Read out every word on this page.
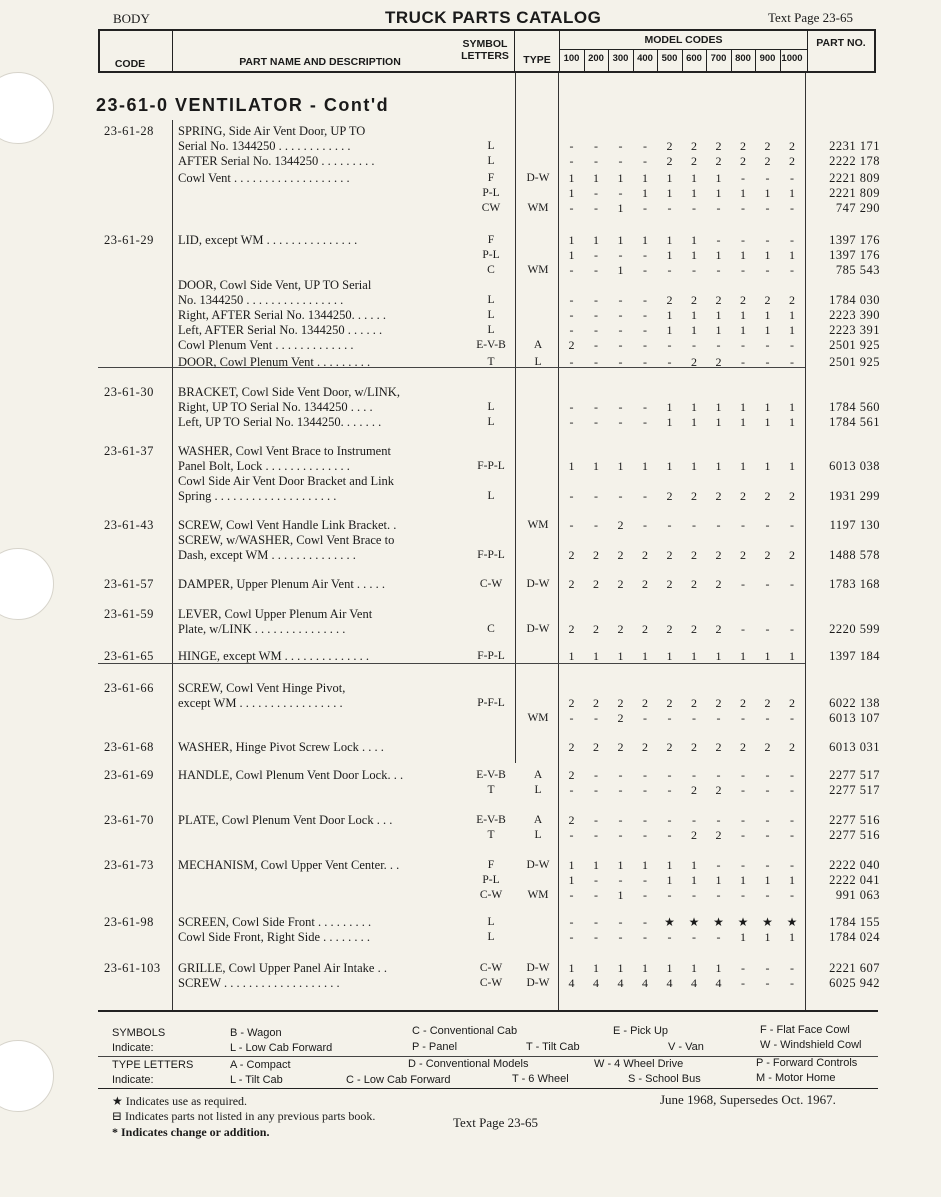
BODY	TRUCK PARTS CATALOG	Text Page 23-65
CODE	PART NAME AND DESCRIPTION
SYMBOL LETTERS	TYPE
MODEL CODES
100 200 300 400 500 600 700 800 900 1000
PART NO.
23-61-0 VENTILATOR - Cont'd
23-61-28 SPRING, Side Air Vent Door, UP TO
Serial No. 1344250 . . . . . . . . . . . .	L	-	-	-	-	2	2	2	2	2	2	2231 171
AFTER Serial No. 1344250 . . . . . . . . .	L	-	-	-	-	2	2	2	2	2	2	2222 178
Cowl Vent . . . . . . . . . . . . . . . . . . .	F	D-W	1	1	1	1	1	1	1	-	-	-	2221 809
P-L	1	-	-	1	1	1	1	1	1	1	2221 809
CW	WM	-	-	1	-	-	-	-	-	-	-	747 290
23-61-29 LID, except WM . . . . . . . . . . . . . . .	F	1	1	1	1	1	1	-	-	-	-	1397 176
P-L	1	-	-	-	1	1	1	1	1	1	1397 176
C	WM	-	-	1	-	-	-	-	-	-	-	785 543
DOOR, Cowl Side Vent, UP TO Serial
No. 1344250 . . . . . . . . . . . . . . . .	L	-	-	-	-	2	2	2	2	2	2	1784 030
Right, AFTER Serial No. 1344250. . . . . .	L	-	-	-	-	1	1	1	1	1	1	2223 390
Left, AFTER Serial No. 1344250 . . . . . .	L	-	-	-	-	1	1	1	1	1	1	2223 391
Cowl Plenum Vent . . . . . . . . . . . . .	E-V-B	A	2	-	-	-	-	-	-	-	-	-	2501 925
DOOR, Cowl Plenum Vent . . . . . . . . .	T	L	-	-	-	-	-	2	2	-	-	-	2501 925
23-61-30 BRACKET, Cowl Side Vent Door, w/LINK,
Right, UP TO Serial No. 1344250 . . . .	L	-	-	-	-	1	1	1	1	1	1	1784 560
Left, UP TO Serial No. 1344250. . . . . . .	L	-	-	-	-	1	1	1	1	1	1	1784 561
23-61-37 WASHER, Cowl Vent Brace to Instrument
Panel Bolt, Lock . . . . . . . . . . . . . .	F-P-L	1	1	1	1	1	1	1	1	1	1	6013 038
Cowl Side Air Vent Door Bracket and Link
Spring . . . . . . . . . . . . . . . . . . . .	L	-	-	-	-	2	2	2	2	2	2	1931 299
23-61-43 SCREW, Cowl Vent Handle Link Bracket. .	WM	-	-	2	-	-	-	-	-	-	-	1197 130
SCREW, w/WASHER, Cowl Vent Brace to
Dash, except WM . . . . . . . . . . . . . .	F-P-L	2	2	2	2	2	2	2	2	2	2	1488 578
23-61-57 DAMPER, Upper Plenum Air Vent . . . . .	C-W	D-W	2	2	2	2	2	2	2	-	-	-	1783 168
23-61-59 LEVER, Cowl Upper Plenum Air Vent
Plate, w/LINK . . . . . . . . . . . . . . .	C	D-W	2	2	2	2	2	2	2	-	-	-	2220 599
23-61-65 HINGE, except WM . . . . . . . . . . . . . .	F-P-L	1	1	1	1	1	1	1	1	1	1	1397 184
23-61-66 SCREW, Cowl Vent Hinge Pivot,
except WM . . . . . . . . . . . . . . . . .	P-F-L	2	2	2	2	2	2	2	2	2	2	6022 138
WM	-	-	2	-	-	-	-	-	-	-	6013 107
23-61-68 WASHER, Hinge Pivot Screw Lock . . . .	2	2	2	2	2	2	2	2	2	2	6013 031
23-61-69 HANDLE, Cowl Plenum Vent Door Lock. . .	E-V-B	A	2	-	-	-	-	-	-	-	-	-	2277 517
T	L	-	-	-	-	-	2	2	-	-	-	2277 517
23-61-70 PLATE, Cowl Plenum Vent Door Lock . . .	E-V-B	A	2	-	-	-	-	-	-	-	-	-	2277 516
T	L	-	-	-	-	-	2	2	-	-	-	2277 516
23-61-73 MECHANISM, Cowl Upper Vent Center. . .	F	D-W	1	1	1	1	1	1	-	-	-	-	2222 040
P-L	1	-	-	-	1	1	1	1	1	1	2222 041
C-W	WM	-	-	1	-	-	-	-	-	-	-	991 063
23-61-98 SCREEN, Cowl Side Front . . . . . . . . .	L	-	-	-	-	★	★	★	★	★	★	1784 155
Cowl Side Front, Right Side . . . . . . . .	L	-	-	-	-	-	-	-	1	1	1	1784 024
23-61-103 GRILLE, Cowl Upper Panel Air Intake . .	C-W	D-W	1	1	1	1	1	1	1	-	-	-	2221 607
SCREW . . . . . . . . . . . . . . . . . . .	C-W	D-W	4	4	4	4	4	4	4	-	-	-	6025 942
SYMBOLS
Indicate:
B - Wagon	C - Conventional Cab	E - Pick Up	F - Flat Face Cowl
L - Low Cab Forward	P - Panel	T - Tilt Cab	V - Van	W - Windshield Cowl
TYPE LETTERS
Indicate:
A - Compact	D - Conventional Models	W - 4 Wheel Drive	P - Forward Controls
L - Tilt Cab	C - Low Cab Forward	T - 6 Wheel	S - School Bus	M - Motor Home
★ Indicates use as required.
⊟ Indicates parts not listed in any previous parts book.
* Indicates change or addition.
Text Page 23-65
June 1968, Supersedes Oct. 1967.
